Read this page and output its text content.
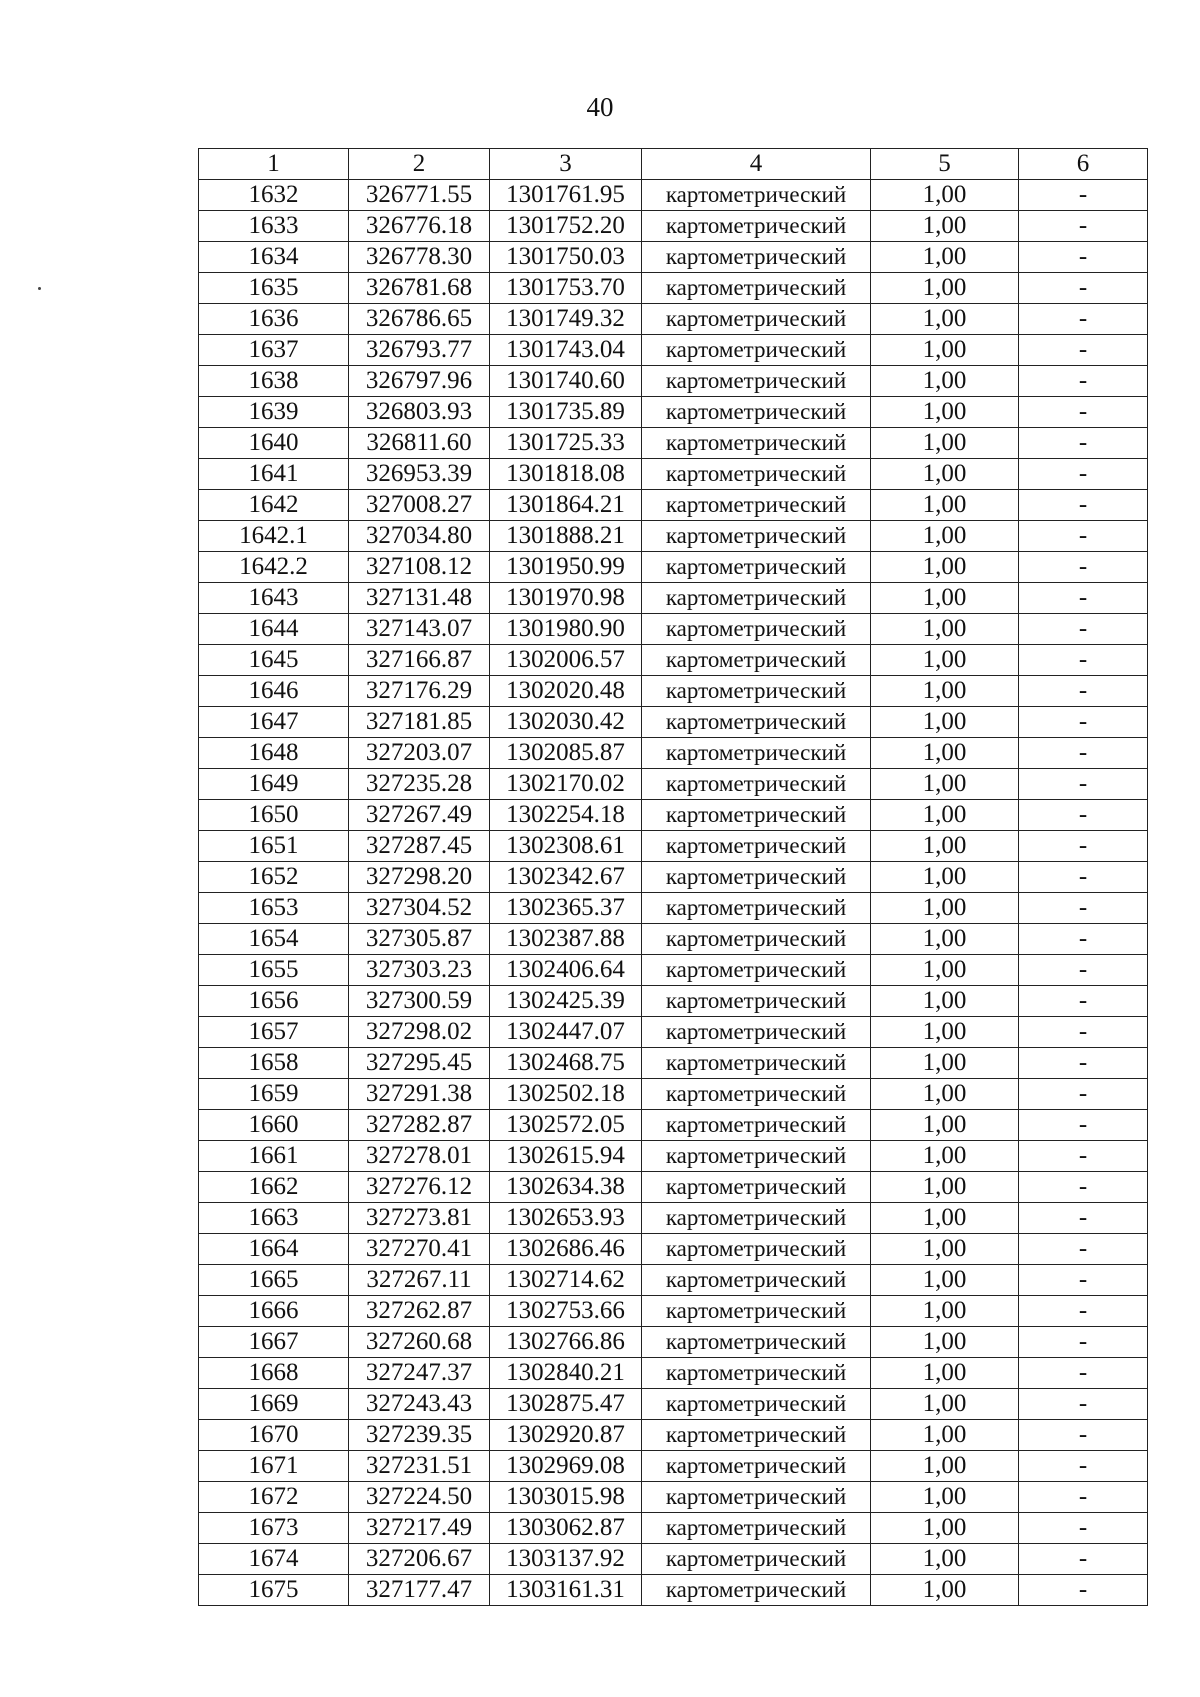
40
1	2	3	4	5	6
1632	326771.55	1301761.95	картометрический	1,00	-
1633	326776.18	1301752.20	картометрический	1,00	-
1634	326778.30	1301750.03	картометрический	1,00	-
1635	326781.68	1301753.70	картометрический	1,00	-
1636	326786.65	1301749.32	картометрический	1,00	-
1637	326793.77	1301743.04	картометрический	1,00	-
1638	326797.96	1301740.60	картометрический	1,00	-
1639	326803.93	1301735.89	картометрический	1,00	-
1640	326811.60	1301725.33	картометрический	1,00	-
1641	326953.39	1301818.08	картометрический	1,00	-
1642	327008.27	1301864.21	картометрический	1,00	-
1642.1	327034.80	1301888.21	картометрический	1,00	-
1642.2	327108.12	1301950.99	картометрический	1,00	-
1643	327131.48	1301970.98	картометрический	1,00	-
1644	327143.07	1301980.90	картометрический	1,00	-
1645	327166.87	1302006.57	картометрический	1,00	-
1646	327176.29	1302020.48	картометрический	1,00	-
1647	327181.85	1302030.42	картометрический	1,00	-
1648	327203.07	1302085.87	картометрический	1,00	-
1649	327235.28	1302170.02	картометрический	1,00	-
1650	327267.49	1302254.18	картометрический	1,00	-
1651	327287.45	1302308.61	картометрический	1,00	-
1652	327298.20	1302342.67	картометрический	1,00	-
1653	327304.52	1302365.37	картометрический	1,00	-
1654	327305.87	1302387.88	картометрический	1,00	-
1655	327303.23	1302406.64	картометрический	1,00	-
1656	327300.59	1302425.39	картометрический	1,00	-
1657	327298.02	1302447.07	картометрический	1,00	-
1658	327295.45	1302468.75	картометрический	1,00	-
1659	327291.38	1302502.18	картометрический	1,00	-
1660	327282.87	1302572.05	картометрический	1,00	-
1661	327278.01	1302615.94	картометрический	1,00	-
1662	327276.12	1302634.38	картометрический	1,00	-
1663	327273.81	1302653.93	картометрический	1,00	-
1664	327270.41	1302686.46	картометрический	1,00	-
1665	327267.11	1302714.62	картометрический	1,00	-
1666	327262.87	1302753.66	картометрический	1,00	-
1667	327260.68	1302766.86	картометрический	1,00	-
1668	327247.37	1302840.21	картометрический	1,00	-
1669	327243.43	1302875.47	картометрический	1,00	-
1670	327239.35	1302920.87	картометрический	1,00	-
1671	327231.51	1302969.08	картометрический	1,00	-
1672	327224.50	1303015.98	картометрический	1,00	-
1673	327217.49	1303062.87	картометрический	1,00	-
1674	327206.67	1303137.92	картометрический	1,00	-
1675	327177.47	1303161.31	картометрический	1,00	-
